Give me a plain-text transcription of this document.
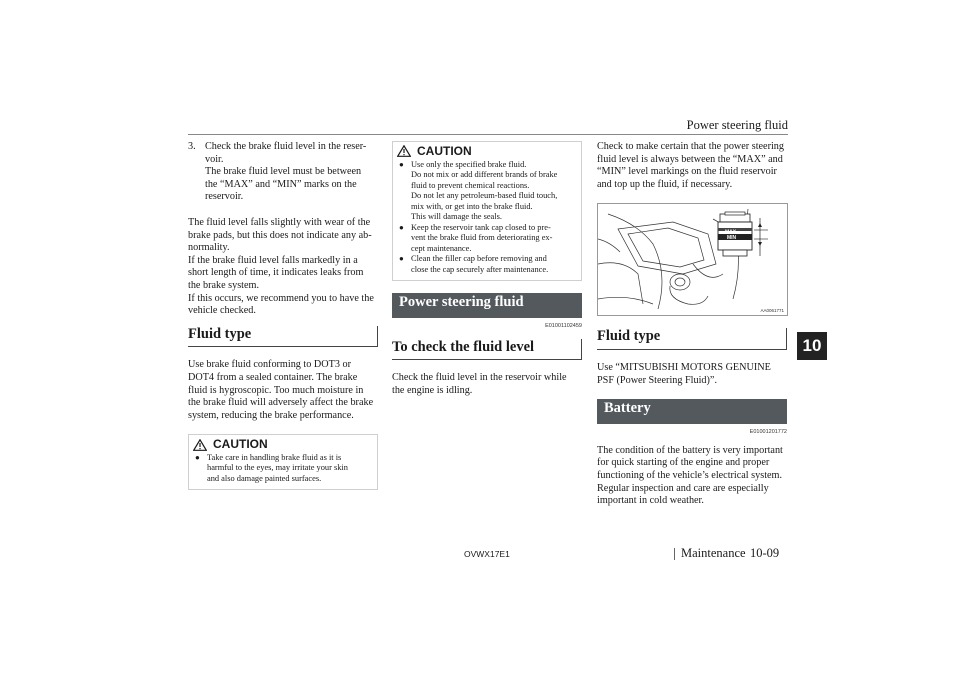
Power steering fluid
10
3. Check the brake fluid level in the reser-
voir.
The brake fluid level must be between
the “MAX” and “MIN” marks on the
reservoir.
The fluid level falls slightly with wear of the
brake pads, but this does not indicate any ab-
normality.
If the brake fluid level falls markedly in a
short length of time, it indicates leaks from
the brake system.
If this occurs, we recommend you to have the
vehicle checked.
Fluid type
Use brake fluid conforming to DOT3 or
DOT4 from a sealed container. The brake
fluid is hygroscopic. Too much moisture in
the brake fluid will adversely affect the brake
system, reducing the brake performance.
CAUTION
● Take care in handling brake fluid as it is
harmful to the eyes, may irritate your skin
and also damage painted surfaces.
CAUTION
● Use only the specified brake fluid.
Do not mix or add different brands of brake
fluid to prevent chemical reactions.
Do not let any petroleum-based fluid touch,
mix with, or get into the brake fluid.
This will damage the seals.
● Keep the reservoir tank cap closed to pre-
vent the brake fluid from deteriorating ex-
cept maintenance.
● Clean the filler cap before removing and
close the cap securely after maintenance.
Power steering fluid
E01001102459
To check the fluid level
Check the fluid level in the reservoir while
the engine is idling.
Check to make certain that the power steering
fluid level is always between the “MAX” and
“MIN” level markings on the fluid reservoir
and top up the fluid, if necessary.
MAX
MIN
AA0061771
Fluid type
Use “MITSUBISHI MOTORS GENUINE
PSF (Power Steering Fluid)”.
Battery
E01001201772
The condition of the battery is very important
for quick starting of the engine and proper
functioning of the vehicle’s electrical system.
Regular inspection and care are especially
important in cold weather.
OVWX17E1	Maintenance 10-09
